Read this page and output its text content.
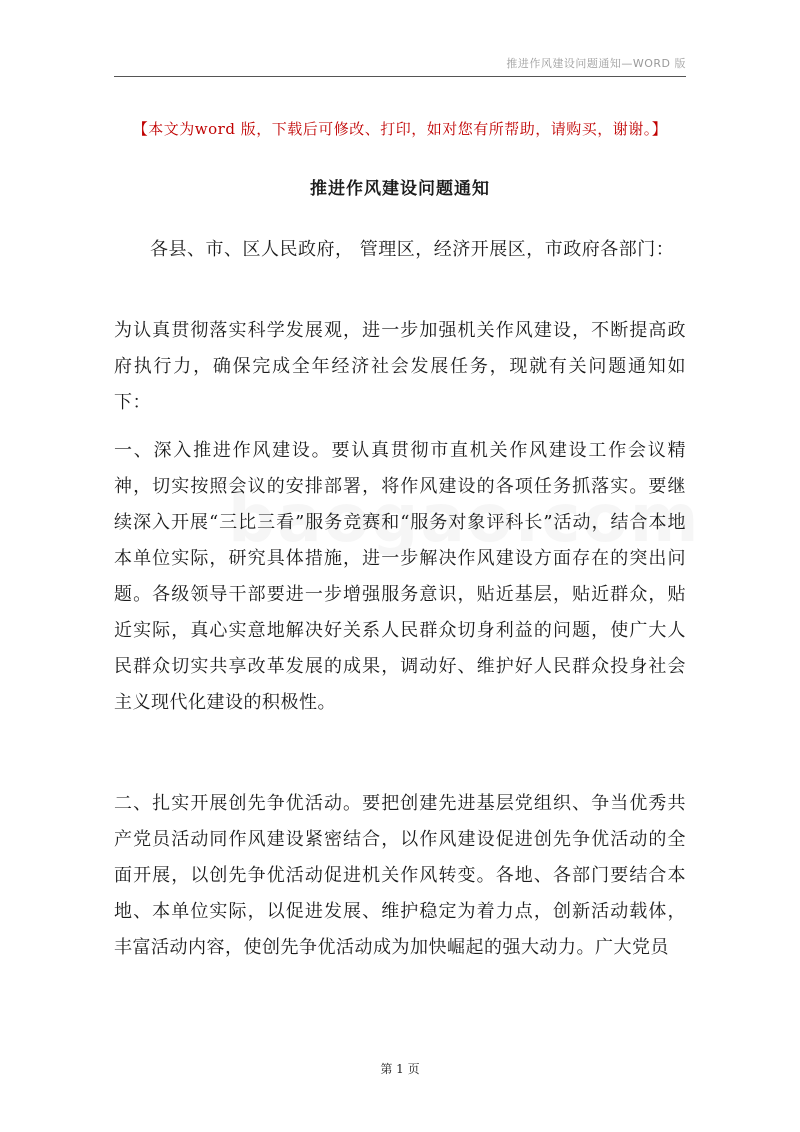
推进作风建设问题通知—WORD 版
【本文为word 版，下载后可修改、打印，如对您有所帮助，请购买，谢谢。】
推进作风建设问题通知
各县、市、区人民政府， 管理区，经济开展区，市政府各部门：
为认真贯彻落实科学发展观，进一步加强机关作风建设，不断提高政府执行力，确保完成全年经济社会发展任务，现就有关问题通知如下：
一、深入推进作风建设。要认真贯彻市直机关作风建设工作会议精神，切实按照会议的安排部署，将作风建设的各项任务抓落实。要继续深入开展“三比三看”服务竞赛和“服务对象评科长”活动，结合本地本单位实际，研究具体措施，进一步解决作风建设方面存在的突出问题。各级领导干部要进一步增强服务意识，贴近基层，贴近群众，贴近实际，真心实意地解决好关系人民群众切身利益的问题，使广大人民群众切实共享改革发展的成果，调动好、维护好人民群众投身社会主义现代化建设的积极性。
二、扎实开展创先争优活动。要把创建先进基层党组织、争当优秀共产党员活动同作风建设紧密结合，以作风建设促进创先争优活动的全面开展，以创先争优活动促进机关作风转变。各地、各部门要结合本地、本单位实际，以促进发展、维护稳定为着力点，创新活动载体，丰富活动内容，使创先争优活动成为加快崛起的强大动力。广大党员
第 1 页
